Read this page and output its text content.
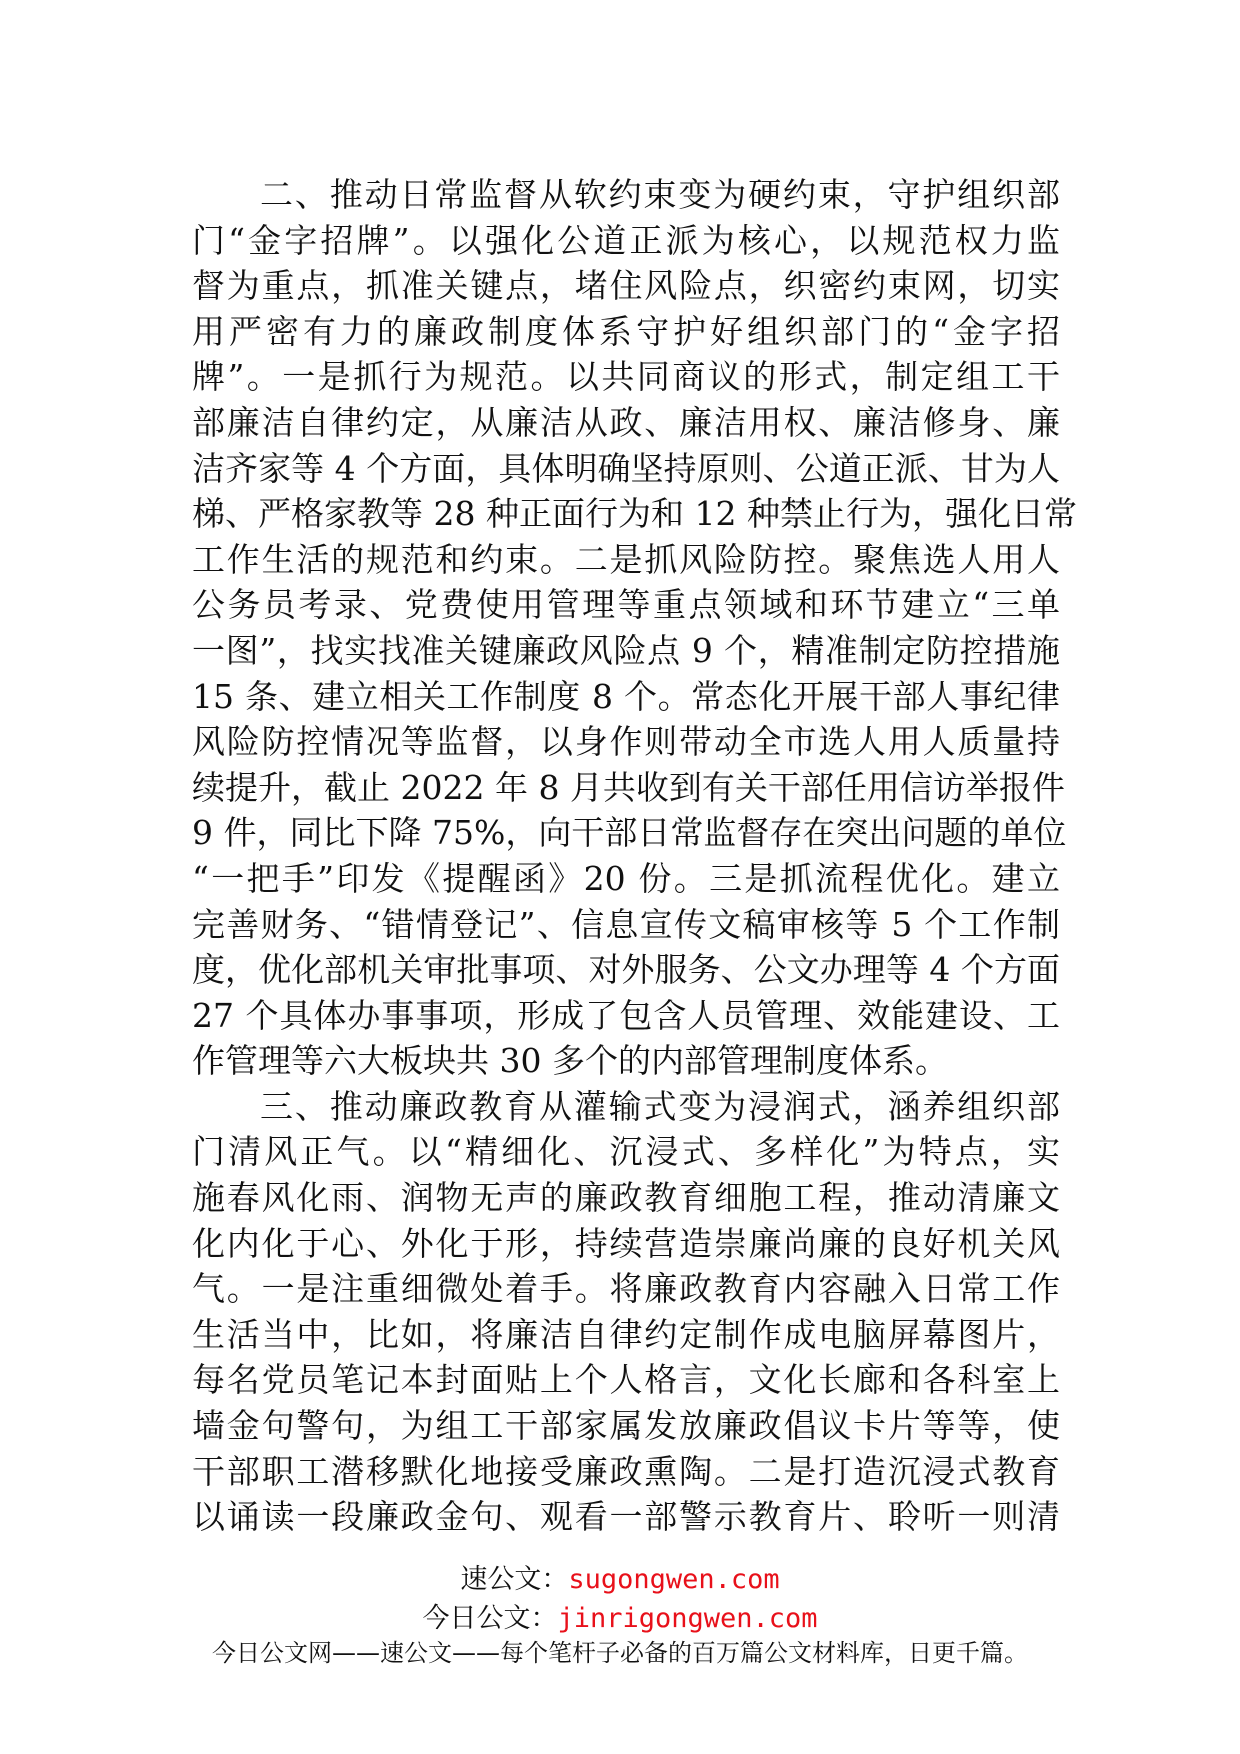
二、推动日常监督从软约束变为硬约束，守护组织部
门“金字招牌”。以强化公道正派为核心，以规范权力监
督为重点，抓准关键点，堵住风险点，织密约束网，切实
用严密有力的廉政制度体系守护好组织部门的“金字招
牌”。一是抓行为规范。以共同商议的形式，制定组工干
部廉洁自律约定，从廉洁从政、廉洁用权、廉洁修身、廉
洁齐家等 4 个方面，具体明确坚持原则、公道正派、甘为人
梯、严格家教等 28 种正面行为和 12 种禁止行为，强化日常
工作生活的规范和约束。二是抓风险防控。聚焦选人用人
公务员考录、党费使用管理等重点领域和环节建立“三单
一图”，找实找准关键廉政风险点 9 个，精准制定防控措施
15 条、建立相关工作制度 8 个。常态化开展干部人事纪律
风险防控情况等监督，以身作则带动全市选人用人质量持
续提升，截止 2022 年 8 月共收到有关干部任用信访举报件
9 件，同比下降 75%，向干部日常监督存在突出问题的单位
“一把手”印发《提醒函》20 份。三是抓流程优化。建立
完善财务、“错情登记”、信息宣传文稿审核等 5 个工作制
度，优化部机关审批事项、对外服务、公文办理等 4 个方面
27 个具体办事事项，形成了包含人员管理、效能建设、工
作管理等六大板块共 30 多个的内部管理制度体系。
三、推动廉政教育从灌输式变为浸润式，涵养组织部
门清风正气。以“精细化、沉浸式、多样化”为特点，实
施春风化雨、润物无声的廉政教育细胞工程，推动清廉文
化内化于心、外化于形，持续营造崇廉尚廉的良好机关风
气。一是注重细微处着手。将廉政教育内容融入日常工作
生活当中，比如，将廉洁自律约定制作成电脑屏幕图片，
每名党员笔记本封面贴上个人格言，文化长廊和各科室上
墙金句警句，为组工干部家属发放廉政倡议卡片等等，使
干部职工潜移默化地接受廉政熏陶。二是打造沉浸式教育
以诵读一段廉政金句、观看一部警示教育片、聆听一则清
速公文：sugongwen.com
今日公文：jinrigongwen.com
今日公文网——速公文——每个笔杆子必备的百万篇公文材料库，日更千篇。
